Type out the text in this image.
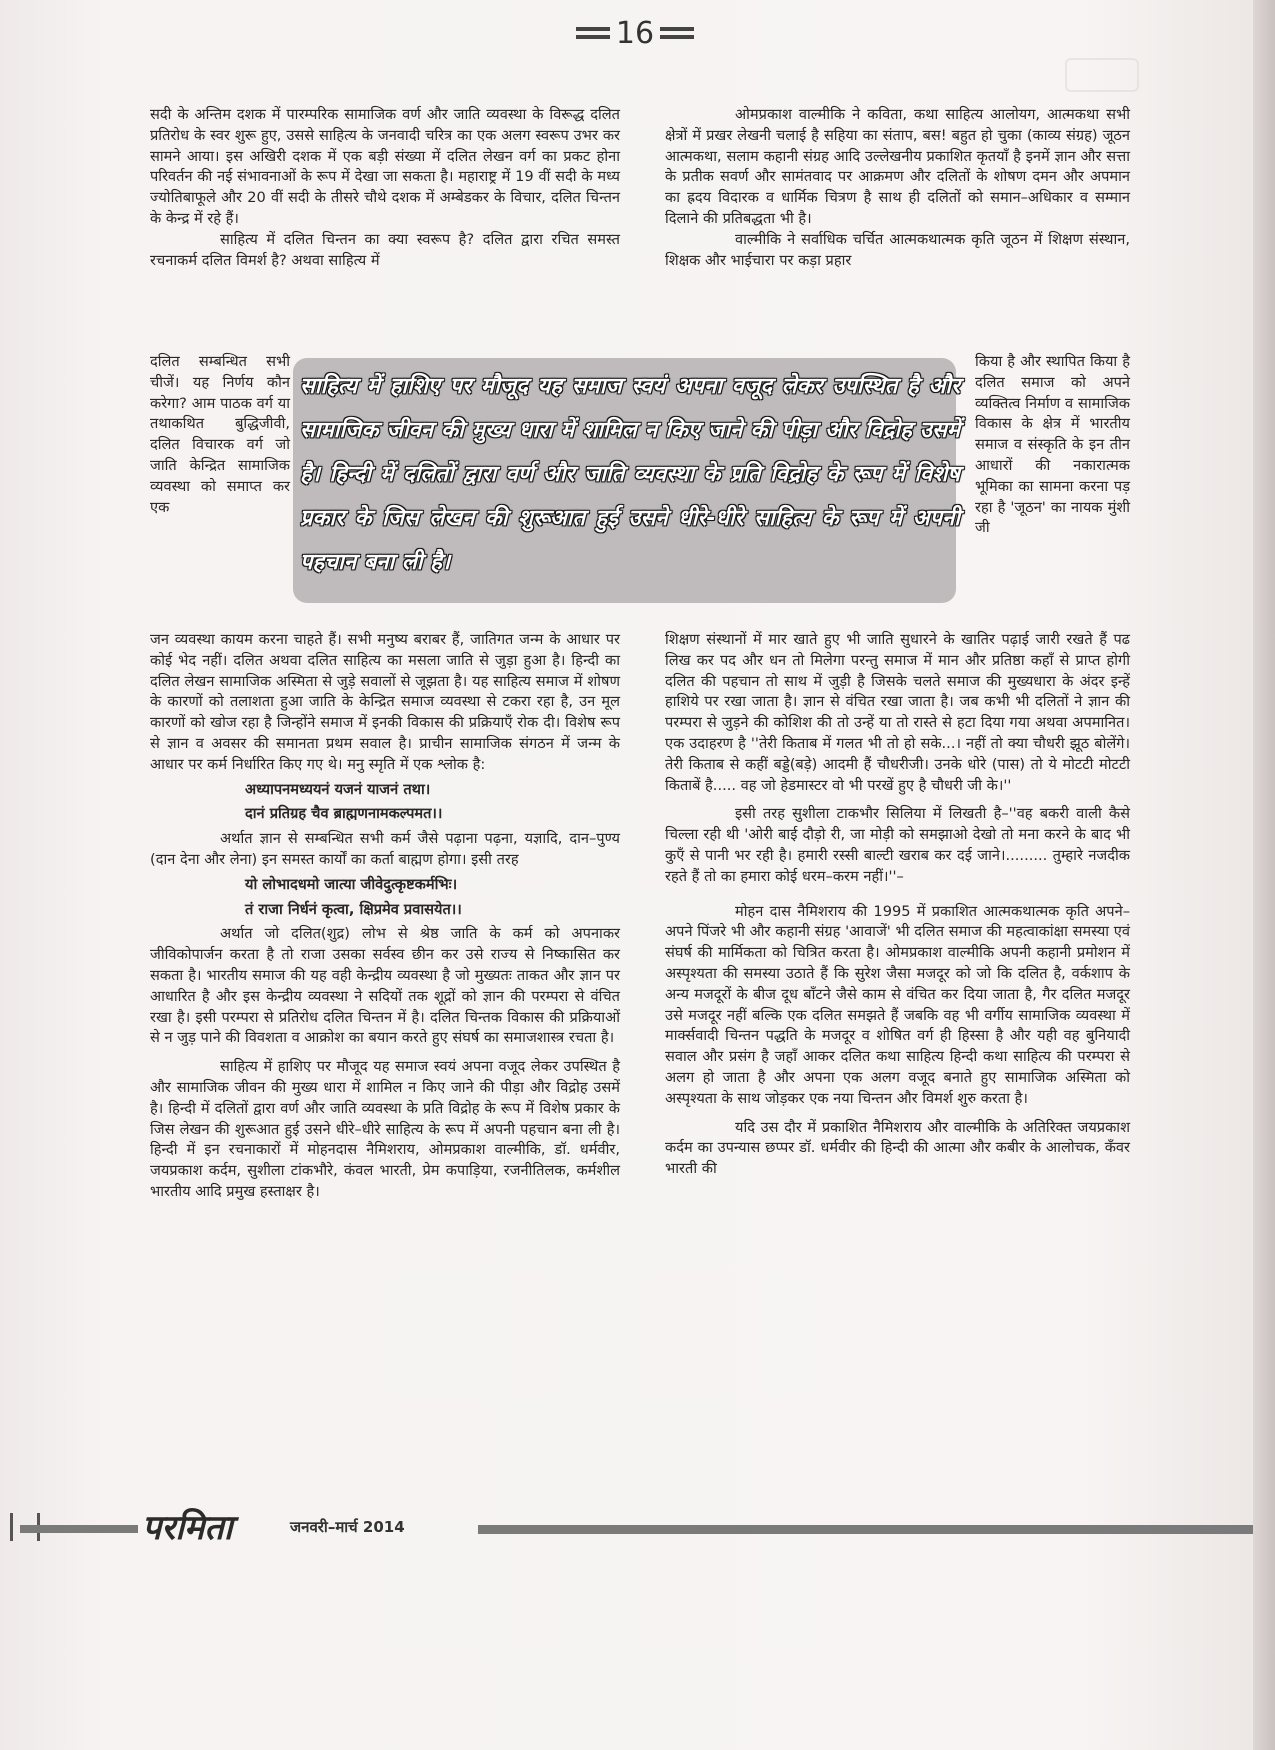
16

सदी के अन्तिम दशक में पारम्परिक सामाजिक वर्ण और जाति व्यवस्था के विरूद्ध दलित प्रतिरोध के स्वर शुरू हुए, उससे साहित्य के जनवादी चरित्र का एक अलग स्वरूप उभर कर सामने आया। इस अखिरी दशक में एक बड़ी संख्या में दलित लेखन वर्ग का प्रकट होना परिवर्तन की नई संभावनाओं के रूप में देखा जा सकता है। महाराष्ट्र में 19 वीं सदी के मध्य ज्योतिबाफूले और 20 वीं सदी के तीसरे चौथे दशक में अम्बेडकर के विचार, दलित चिन्तन के केन्द्र में रहे हैं।

साहित्य में दलित चिन्तन का क्या स्वरूप है? दलित द्वारा रचित समस्त रचनाकर्म दलित विमर्श है? अथवा साहित्य में

ओमप्रकाश वाल्मीकि ने कविता, कथा साहित्य आलोयग, आत्मकथा सभी क्षेत्रों में प्रखर लेखनी चलाई है सहिया का संताप, बस! बहुत हो चुका (काव्य संग्रह) जूठन आत्मकथा, सलाम कहानी संग्रह आदि उल्लेखनीय प्रकाशित कृतयाँ है इनमें ज्ञान और सत्ता के प्रतीक सवर्ण और सामंतवाद पर आक्रमण और दलितों के शोषण दमन और अपमान का ह्रदय विदारक व धार्मिक चित्रण है साथ ही दलितों को समान–अधिकार व सम्मान दिलाने की प्रतिबद्धता भी है।

वाल्मीकि ने सर्वाधिक चर्चित आत्मकथात्मक कृति जूठन में शिक्षण संस्थान, शिक्षक और भाईचारा पर कड़ा प्रहार

दलित सम्बन्धित सभी चीजें। यह निर्णय कौन करेगा? आम पाठक वर्ग या तथाकथित बुद्धिजीवी, दलित विचारक वर्ग जो जाति केन्द्रित सामाजिक व्यवस्था को समाप्त कर एक
साहित्य में हाशिए पर मौजूद यह समाज स्वयं अपना वजूद लेकर उपस्थित है और सामाजिक जीवन की मुख्य धारा में शामिल न किए जाने की पीड़ा और विद्रोह उसमें है। हिन्दी में दलितों द्वारा वर्ण और जाति व्यवस्था के प्रति विद्रोह के रूप में विशेष प्रकार के जिस लेखन की शुरूआत हुई उसने धीरे-धीरे साहित्य के रूप में अपनी पहचान बना ली है।
किया है और स्थापित किया है दलित समाज को अपने व्यक्तित्व निर्माण व सामाजिक विकास के क्षेत्र में भारतीय समाज व संस्कृति के इन तीन आधारों की नकारात्मक भूमिका का सामना करना पड़ रहा है 'जूठन' का नायक मुंशी जी

जन व्यवस्था कायम करना चाहते हैं। सभी मनुष्य बराबर हैं, जातिगत जन्म के आधार पर कोई भेद नहीं। दलित अथवा दलित साहित्य का मसला जाति से जुड़ा हुआ है। हिन्दी का दलित लेखन सामाजिक अस्मिता से जुड़े सवालों से जूझता है। यह साहित्य समाज में शोषण के कारणों को तलाशता हुआ जाति के केन्द्रित समाज व्यवस्था से टकरा रहा है, उन मूल कारणों को खोज रहा है जिन्होंने समाज में इनकी विकास की प्रक्रियाएँ रोक दी। विशेष रूप से ज्ञान व अवसर की समानता प्रथम सवाल है। प्राचीन सामाजिक संगठन में जन्म के आधार पर कर्म निर्धारित किए गए थे। मनु स्मृति में एक श्लोक है:

अध्यापनमध्ययनं यजनं याजनं तथा।

दानं प्रतिग्रह चैव ब्राह्मणनामकल्पमत।।

अर्थात ज्ञान से सम्बन्धित सभी कर्म जैसे पढ़ाना पढ़ना, यज्ञादि, दान–पुण्य (दान देना और लेना) इन समस्त कार्यों का कर्ता बाह्मण होगा। इसी तरह

यो लोभादधमो जात्या जीवेदुत्कृष्टकर्मभिः।

तं राजा निर्धनं कृत्वा, क्षिप्रमेव प्रवासयेत।।

अर्थात जो दलित(शुद्र) लोभ से श्रेष्ठ जाति के कर्म को अपनाकर जीविकोपार्जन करता है तो राजा उसका सर्वस्व छीन कर उसे राज्य से निष्कासित कर सकता है। भारतीय समाज की यह वही केन्द्रीय व्यवस्था है जो मुख्यतः ताकत और ज्ञान पर आधारित है और इस केन्द्रीय व्यवस्था ने सदियों तक शूद्रों को ज्ञान की परम्परा से वंचित रखा है। इसी परम्परा से प्रतिरोध दलित चिन्तन में है। दलित चिन्तक विकास की प्रक्रियाओं से न जुड़ पाने की विवशता व आक्रोश का बयान करते हुए संघर्ष का समाजशास्त्र रचता है।

साहित्य में हाशिए पर मौजूद यह समाज स्वयं अपना वजूद लेकर उपस्थित है और सामाजिक जीवन की मुख्य धारा में शामिल न किए जाने की पीड़ा और विद्रोह उसमें है। हिन्दी में दलितों द्वारा वर्ण और जाति व्यवस्था के प्रति विद्रोह के रूप में विशेष प्रकार के जिस लेखन की शुरूआत हुई उसने धीरे–धीरे साहित्य के रूप में अपनी पहचान बना ली है। हिन्दी में इन रचनाकारों में मोहनदास नैमिशराय, ओमप्रकाश वाल्मीकि, डॉ. धर्मवीर, जयप्रकाश कर्दम, सुशीला टांकभौरे, कंवल भारती, प्रेम कपाड़िया, रजनीतिलक, कर्मशील भारतीय आदि प्रमुख हस्ताक्षर है।

शिक्षण संस्थानों में मार खाते हुए भी जाति सुधारने के खातिर पढ़ाई जारी रखते हैं पढ लिख कर पद और धन तो मिलेगा परन्तु समाज में मान और प्रतिष्ठा कहाँ से प्राप्त होगी दलित की पहचान तो साथ में जुड़ी है जिसके चलते समाज की मुख्यधारा के अंदर इन्हें हाशिये पर रखा जाता है। ज्ञान से वंचित रखा जाता है। जब कभी भी दलितों ने ज्ञान की परम्परा से जुड़ने की कोशिश की तो उन्हें या तो रास्ते से हटा दिया गया अथवा अपमानित। एक उदाहरण है ''तेरी किताब में गलत भी तो हो सके...। नहीं तो क्या चौधरी झूठ बोलेंगे। तेरी किताब से कहीं बड्डे(बड़े) आदमी हैं चौधरीजी। उनके धोरे (पास) तो ये मोटटी मोटटी किताबें है..... वह जो हेडमास्टर वो भी परखें हुए है चौधरी जी के।''

इसी तरह सुशीला टाकभौर सिलिया में लिखती है–''वह बकरी वाली कैसे चिल्ला रही थी 'ओरी बाई दौड़ो री, जा मोड़ी को समझाओ देखो तो मना करने के बाद भी कुएँ से पानी भर रही है। हमारी रस्सी बाल्टी खराब कर दई जाने।......... तुम्हारे नजदीक रहते हैं तो का हमारा कोई धरम–करम नहीं।''–

मोहन दास नैमिशराय की 1995 में प्रकाशित आत्मकथात्मक कृति अपने–अपने पिंजरे भी और कहानी संग्रह 'आवाजें' भी दलित समाज की महत्वाकांक्षा समस्या एवं संघर्ष की मार्मिकता को चित्रित करता है। ओमप्रकाश वाल्मीकि अपनी कहानी प्रमोशन में अस्पृश्यता की समस्या उठाते हैं कि सुरेश जैसा मजदूर को जो कि दलित है, वर्कशाप के अन्य मजदूरों के बीज दूध बाँटने जैसे काम से वंचित कर दिया जाता है, गैर दलित मजदूर उसे मजदूर नहीं बल्कि एक दलित समझते हैं जबकि वह भी वर्गीय सामाजिक व्यवस्था में मार्क्सवादी चिन्तन पद्धति के मजदूर व शोषित वर्ग ही हिस्सा है और यही वह बुनियादी सवाल और प्रसंग है जहाँ आकर दलित कथा साहित्य हिन्दी कथा साहित्य की परम्परा से अलग हो जाता है और अपना एक अलग वजूद बनाते हुए सामाजिक अस्मिता को अस्पृश्यता के साथ जोड़कर एक नया चिन्तन और विमर्श शुरु करता है।

यदि उस दौर में प्रकाशित नैमिशराय और वाल्मीकि के अतिरिक्त जयप्रकाश कर्दम का उपन्यास छप्पर डॉ. धर्मवीर की हिन्दी की आत्मा और कबीर के आलोचक, कँवर भारती की

परमिता	जनवरी–मार्च 2014
